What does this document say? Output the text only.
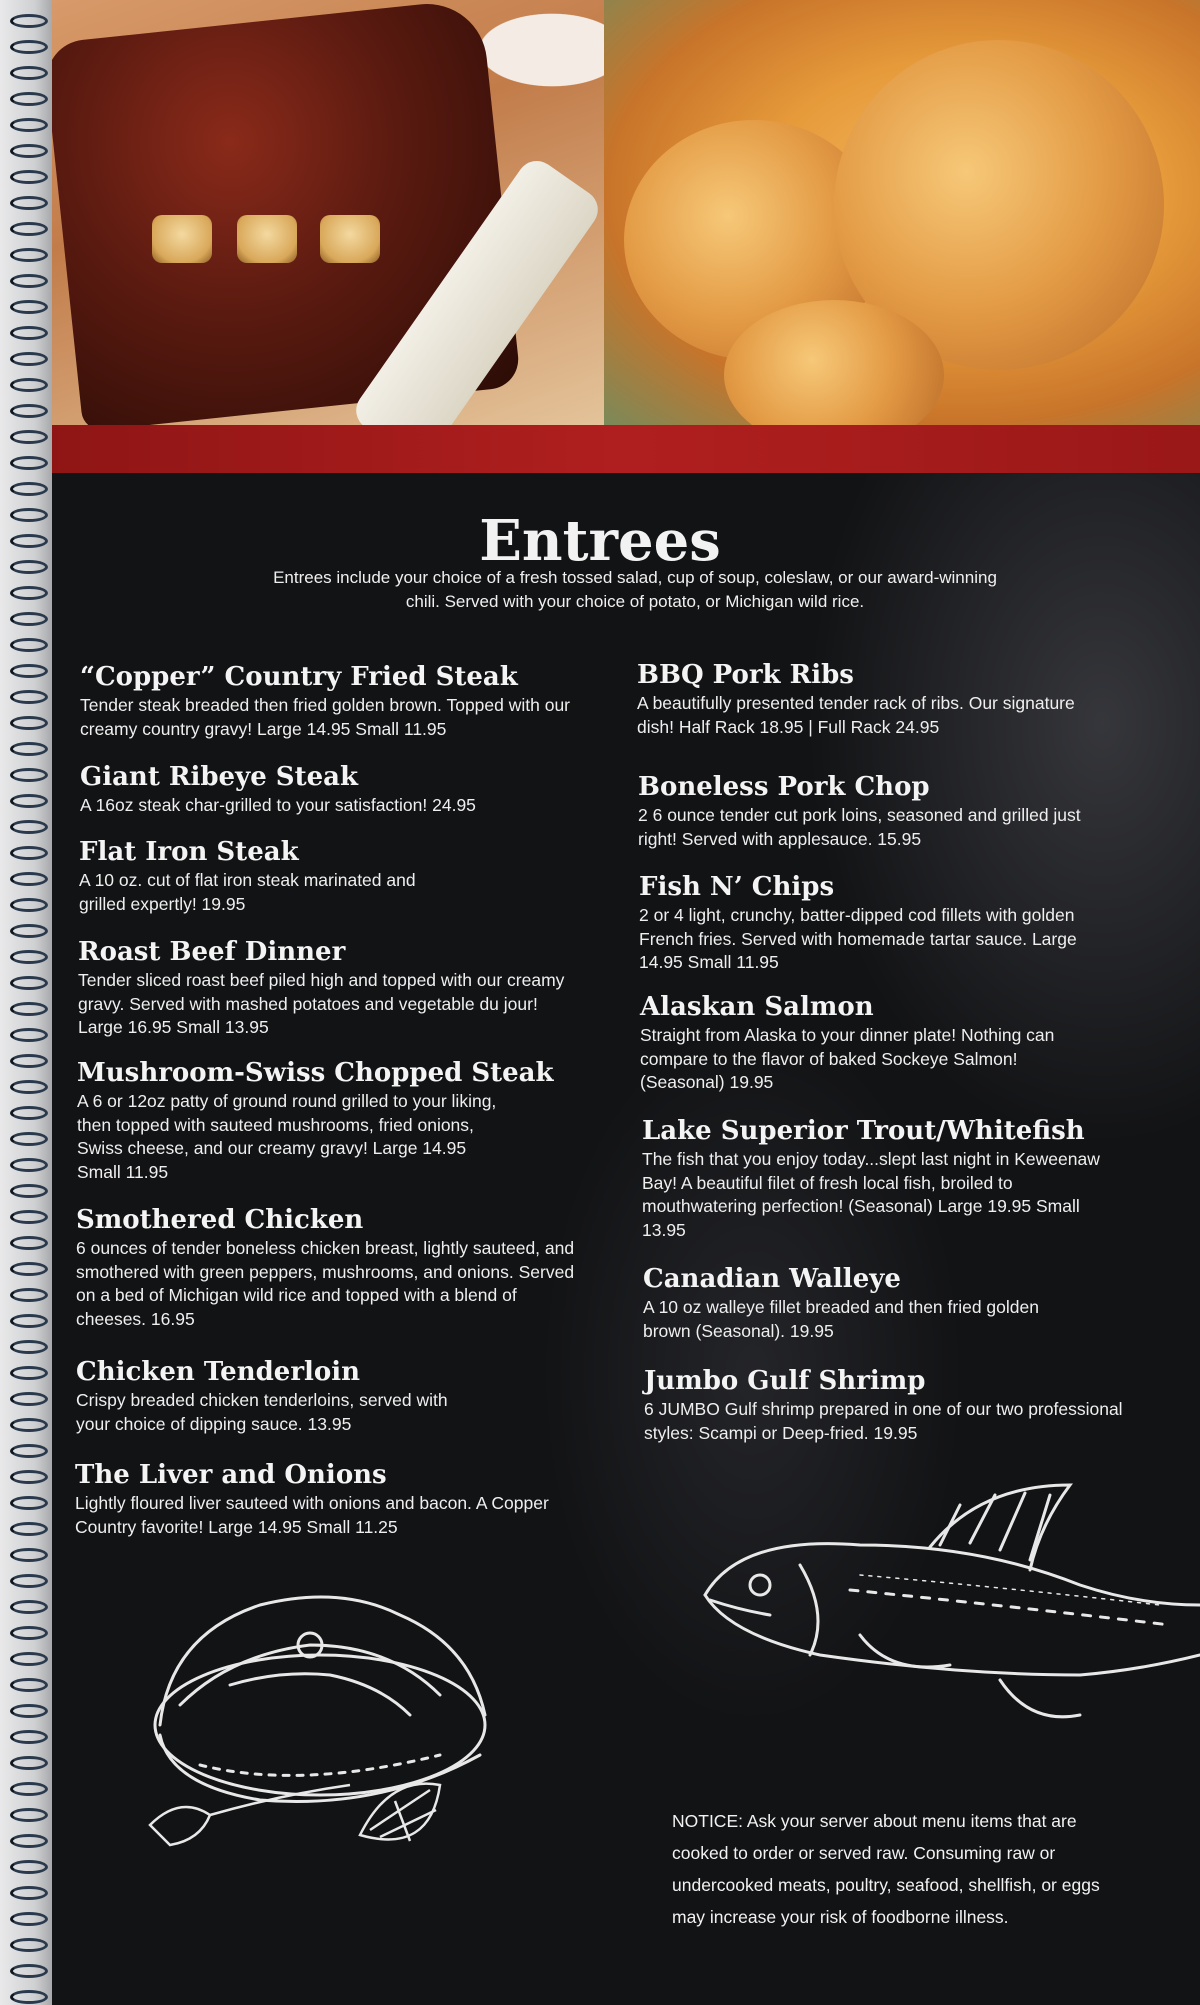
Entrees

Entrees include your choice of a fresh tossed salad, cup of soup, coleslaw, or our award-winning chili. Served with your choice of potato, or Michigan wild rice.

“Copper” Country Fried Steak

Tender steak breaded then fried golden brown. Topped with our creamy country gravy! Large 14.95 Small 11.95

Giant Ribeye Steak

A 16oz steak char-grilled to your satisfaction! 24.95

Flat Iron Steak

A 10 oz. cut of flat iron steak marinated and grilled expertly! 19.95

Roast Beef Dinner

Tender sliced roast beef piled high and topped with our creamy gravy. Served with mashed potatoes and vegetable du jour! Large 16.95 Small 13.95

Mushroom-Swiss Chopped Steak

A 6 or 12oz patty of ground round grilled to your liking, then topped with sauteed mushrooms, fried onions, Swiss cheese, and our creamy gravy! Large 14.95 Small 11.95

Smothered Chicken

6 ounces of tender boneless chicken breast, lightly sauteed, and smothered with green peppers, mushrooms, and onions. Served on a bed of Michigan wild rice and topped with a blend of cheeses. 16.95

Chicken Tenderloin

Crispy breaded chicken tenderloins, served with your choice of dipping sauce. 13.95

The Liver and Onions

Lightly floured liver sauteed with onions and bacon. A Copper Country favorite! Large 14.95 Small 11.25

BBQ Pork Ribs

A beautifully presented tender rack of ribs. Our signature dish! Half Rack 18.95 | Full Rack 24.95

Boneless Pork Chop

2 6 ounce tender cut pork loins, seasoned and grilled just right! Served with applesauce. 15.95

Fish N’ Chips

2 or 4 light, crunchy, batter-dipped cod fillets with golden French fries. Served with homemade tartar sauce. Large 14.95 Small 11.95

Alaskan Salmon

Straight from Alaska to your dinner plate! Nothing can compare to the flavor of baked Sockeye Salmon! (Seasonal) 19.95

Lake Superior Trout/Whitefish

The fish that you enjoy today...slept last night in Keweenaw Bay! A beautiful filet of fresh local fish, broiled to mouthwatering perfection! (Seasonal) Large 19.95 Small 13.95

Canadian Walleye

A 10 oz walleye fillet breaded and then fried golden brown (Seasonal). 19.95

Jumbo Gulf Shrimp

6 JUMBO Gulf shrimp prepared in one of our two professional styles: Scampi or Deep-fried. 19.95

NOTICE: Ask your server about menu items that are cooked to order or served raw. Consuming raw or undercooked meats, poultry, seafood, shellfish, or eggs may increase your risk of foodborne illness.
